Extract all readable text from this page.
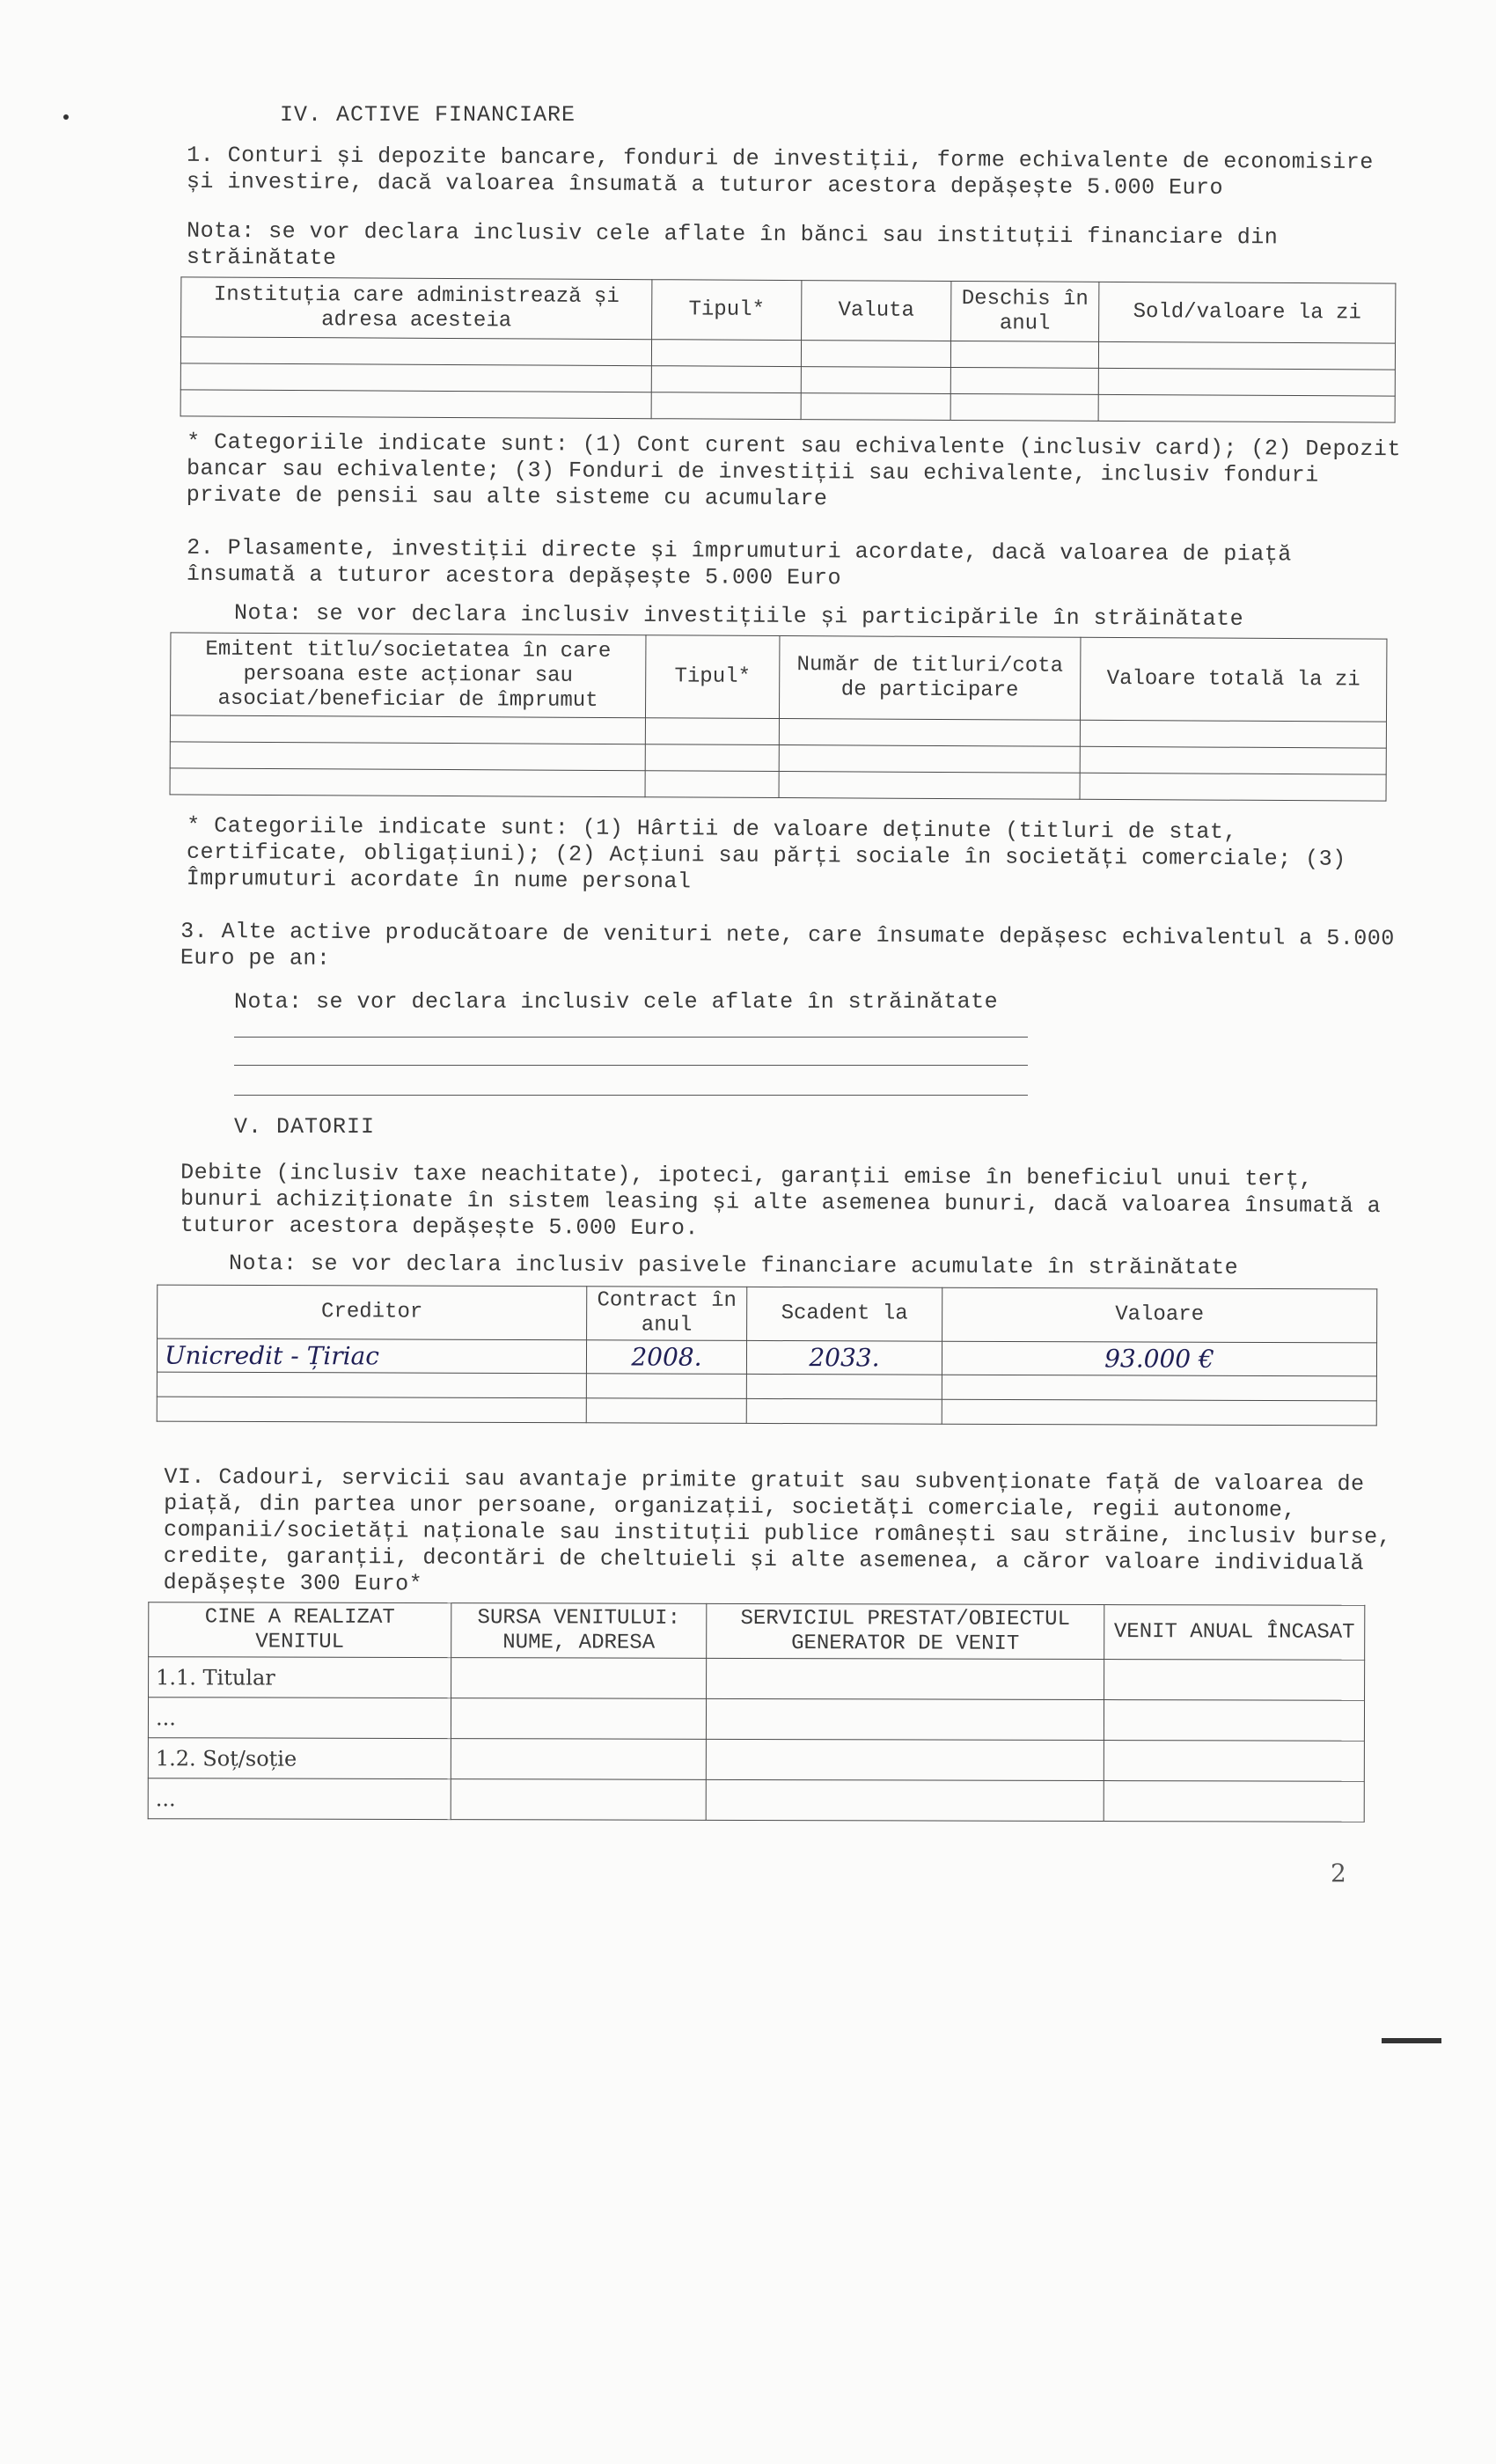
IV. ACTIVE FINANCIARE
1. Conturi și depozite bancare, fonduri de investiții, forme echivalente de economisire și investire, dacă valoarea însumată a tuturor acestora depășește 5.000 Euro
Nota: se vor declara inclusiv cele aflate în bănci sau instituții financiare din străinătate
Instituția care administrează și adresa acesteia	Tipul*	Valuta	Deschis în anul	Sold/valoare la zi

* Categoriile indicate sunt: (1) Cont curent sau echivalente (inclusiv card); (2) Depozit bancar sau echivalente; (3) Fonduri de investiții sau echivalente, inclusiv fonduri private de pensii sau alte sisteme cu acumulare
2. Plasamente, investiții directe și împrumuturi acordate, dacă valoarea de piață însumată a tuturor acestora depășește 5.000 Euro
Nota: se vor declara inclusiv investițiile și participările în străinătate
Emitent titlu/societatea în care persoana este acționar sau asociat/beneficiar de împrumut	Tipul*	Număr de titluri/cota de participare	Valoare totală la zi

* Categoriile indicate sunt: (1) Hârtii de valoare deținute (titluri de stat, certificate, obligațiuni); (2) Acțiuni sau părți sociale în societăți comerciale; (3) Împrumuturi acordate în nume personal
3. Alte active producătoare de venituri nete, care însumate depășesc echivalentul a 5.000 Euro pe an:
Nota: se vor declara inclusiv cele aflate în străinătate
V. DATORII
Debite (inclusiv taxe neachitate), ipoteci, garanții emise în beneficiul unui terț, bunuri achiziționate în sistem leasing și alte asemenea bunuri, dacă valoarea însumată a tuturor acestora depășește 5.000 Euro.
Nota: se vor declara inclusiv pasivele financiare acumulate în străinătate
Creditor	Contract în anul	Scadent la	Valoare
Unicredit - Țiriac	2008.	2033.	93.000 €

VI. Cadouri, servicii sau avantaje primite gratuit sau subvenționate față de valoarea de piață, din partea unor persoane, organizații, societăți comerciale, regii autonome, companii/societăți naționale sau instituții publice românești sau străine, inclusiv burse, credite, garanții, decontări de cheltuieli și alte asemenea, a căror valoare individuală depășește 300 Euro*
CINE A REALIZAT VENITUL	SURSA VENITULUI: NUME, ADRESA	SERVICIUL PRESTAT/OBIECTUL GENERATOR DE VENIT	VENIT ANUAL ÎNCASAT
1.1. Titular			
...			
1.2. Soț/soție			
...			
2
